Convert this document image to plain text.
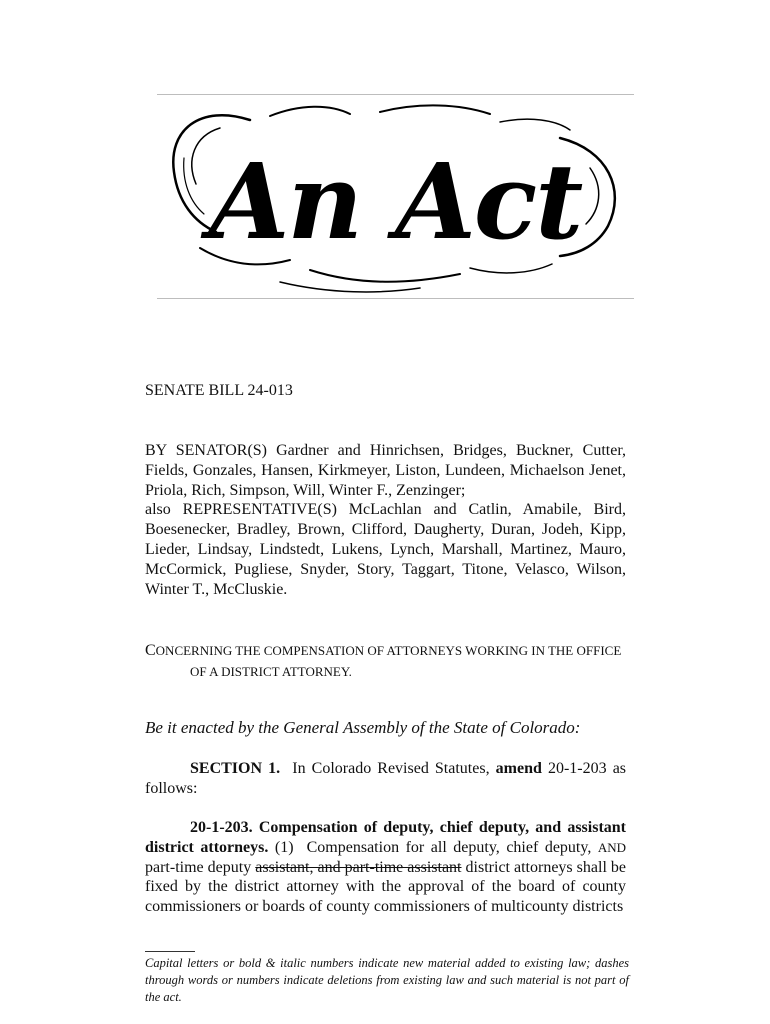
An Act
SENATE BILL 24-013
BY SENATOR(S) Gardner and Hinrichsen, Bridges, Buckner, Cutter, Fields, Gonzales, Hansen, Kirkmeyer, Liston, Lundeen, Michaelson Jenet, Priola, Rich, Simpson, Will, Winter F., Zenzinger;
also REPRESENTATIVE(S) McLachlan and Catlin, Amabile, Bird, Boesenecker, Bradley, Brown, Clifford, Daugherty, Duran, Jodeh, Kipp, Lieder, Lindsay, Lindstedt, Lukens, Lynch, Marshall, Martinez, Mauro, McCormick, Pugliese, Snyder, Story, Taggart, Titone, Velasco, Wilson, Winter T., McCluskie.
CONCERNING THE COMPENSATION OF ATTORNEYS WORKING IN THE OFFICE
OF A DISTRICT ATTORNEY.
Be it enacted by the General Assembly of the State of Colorado:
SECTION 1. In Colorado Revised Statutes, amend 20-1-203 as follows:
20-1-203. Compensation of deputy, chief deputy, and assistant district attorneys. (1) Compensation for all deputy, chief deputy, AND part-time deputy assistant, and part-time assistant district attorneys shall be fixed by the district attorney with the approval of the board of county commissioners or boards of county commissioners of multicounty districts
Capital letters or bold & italic numbers indicate new material added to existing law; dashes through words or numbers indicate deletions from existing law and such material is not part of the act.
